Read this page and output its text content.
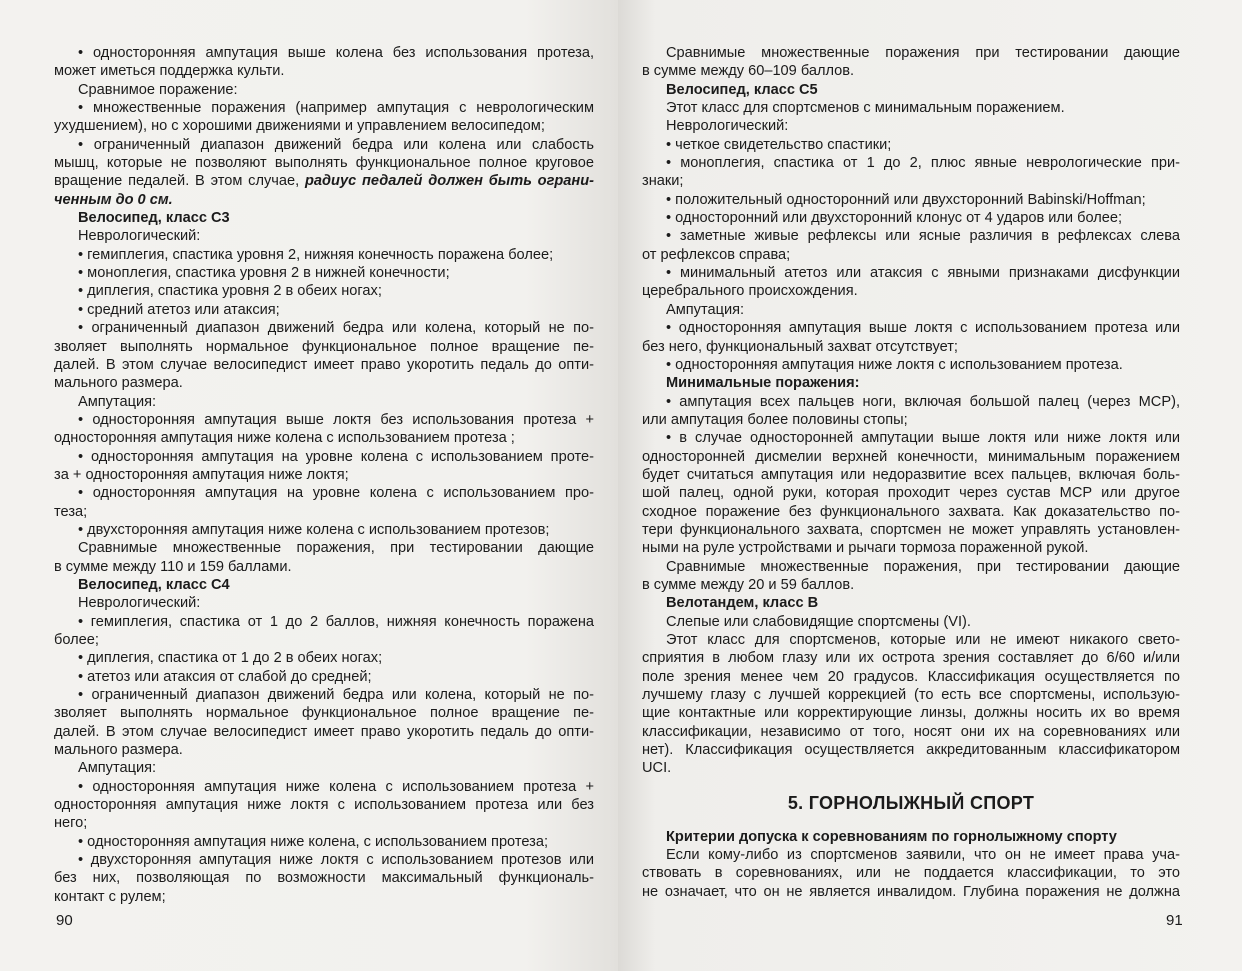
• односторонняя ампутация выше колена без использования протеза,
может иметься поддержка культи.
Сравнимое поражение:
• множественные поражения (например ампутация с неврологическим
ухудшением), но с хорошими движениями и управлением велосипедом;
• ограниченный диапазон движений бедра или колена или слабость
мышц, которые не позволяют выполнять функциональное полное круговое
вращение педалей. В этом случае, радиус педалей должен быть ограни-
ченным до 0 см.
Велосипед, класс С3
Неврологический:
• гемиплегия, спастика уровня 2, нижняя конечность поражена более;
• моноплегия, спастика уровня 2 в нижней конечности;
• диплегия, спастика уровня 2 в обеих ногах;
• средний атетоз или атаксия;
• ограниченный диапазон движений бедра или колена, который не по-
зволяет выполнять нормальное функциональное полное вращение пе-
далей. В этом случае велосипедист имеет право укоротить педаль до опти-
мального размера.
Ампутация:
• односторонняя ампутация выше локтя без использования протеза +
односторонняя ампутация ниже колена с использованием протеза ;
• односторонняя ампутация на уровне колена с использованием проте-
за + односторонняя ампутация ниже локтя;
• односторонняя ампутация на уровне колена с использованием про-
теза;
• двухсторонняя ампутация ниже колена с использованием протезов;
Сравнимые множественные поражения, при тестировании дающие
в сумме между 110 и 159 баллами.
Велосипед, класс С4
Неврологический:
• гемиплегия, спастика от 1 до 2 баллов, нижняя конечность поражена
более;
• диплегия, спастика от 1 до 2 в обеих ногах;
• атетоз или атаксия от слабой до средней;
• ограниченный диапазон движений бедра или колена, который не по-
зволяет выполнять нормальное функциональное полное вращение пе-
далей. В этом случае велосипедист имеет право укоротить педаль до опти-
мального размера.
Ампутация:
• односторонняя ампутация ниже колена с использованием протеза +
односторонняя ампутация ниже локтя с использованием протеза или без
него;
• односторонняя ампутация ниже колена, с использованием протеза;
• двухсторонняя ампутация ниже локтя с использованием протезов или
без них, позволяющая по возможности максимальный функциональ-
контакт с рулем;
90
Сравнимые множественные поражения при тестировании дающие
в сумме между 60–109 баллов.
Велосипед, класс С5
Этот класс для спортсменов с минимальным поражением.
Неврологический:
• четкое свидетельство спастики;
• моноплегия, спастика от 1 до 2, плюс явные неврологические при-
знаки;
• положительный односторонний или двухсторонний Babinski/Hoffman;
• односторонний или двухсторонний клонус от 4 ударов или более;
• заметные живые рефлексы или ясные различия в рефлексах слева
от рефлексов справа;
• минимальный атетоз или атаксия с явными признаками дисфункции
церебрального происхождения.
Ампутация:
• односторонняя ампутация выше локтя с использованием протеза или
без него, функциональный захват отсутствует;
• односторонняя ампутация ниже локтя с использованием протеза.
Минимальные поражения:
• ампутация всех пальцев ноги, включая большой палец (через МСР),
или ампутация более половины стопы;
• в случае односторонней ампутации выше локтя или ниже локтя или
односторонней дисмелии верхней конечности, минимальным поражением
будет считаться ампутация или недоразвитие всех пальцев, включая боль-
шой палец, одной руки, которая проходит через сустав МСР или другое
сходное поражение без функционального захвата. Как доказательство по-
тери функционального захвата, спортсмен не может управлять установлен-
ными на руле устройствами и рычаги тормоза пораженной рукой.
Сравнимые множественные поражения, при тестировании дающие
в сумме между 20 и 59 баллов.
Велотандем, класс В
Слепые или слабовидящие спортсмены (VI).
Этот класс для спортсменов, которые или не имеют никакого свето-
сприятия в любом глазу или их острота зрения составляет до 6/60 и/или
поле зрения менее чем 20 градусов. Классификация осуществляется по
лучшему глазу с лучшей коррекцией (то есть все спортсмены, использую-
щие контактные или корректирующие линзы, должны носить их во время
классификации, независимо от того, носят они их на соревнованиях или
нет). Классификация осуществляется аккредитованным классификатором
UCI.
5. ГОРНОЛЫЖНЫЙ СПОРТ
Критерии допуска к соревнованиям по горнолыжному спорту
Если кому-либо из спортсменов заявили, что он не имеет права уча-
ствовать в соревнованиях, или не поддается классификации, то это
не означает, что он не является инвалидом. Глубина поражения не должна
91
